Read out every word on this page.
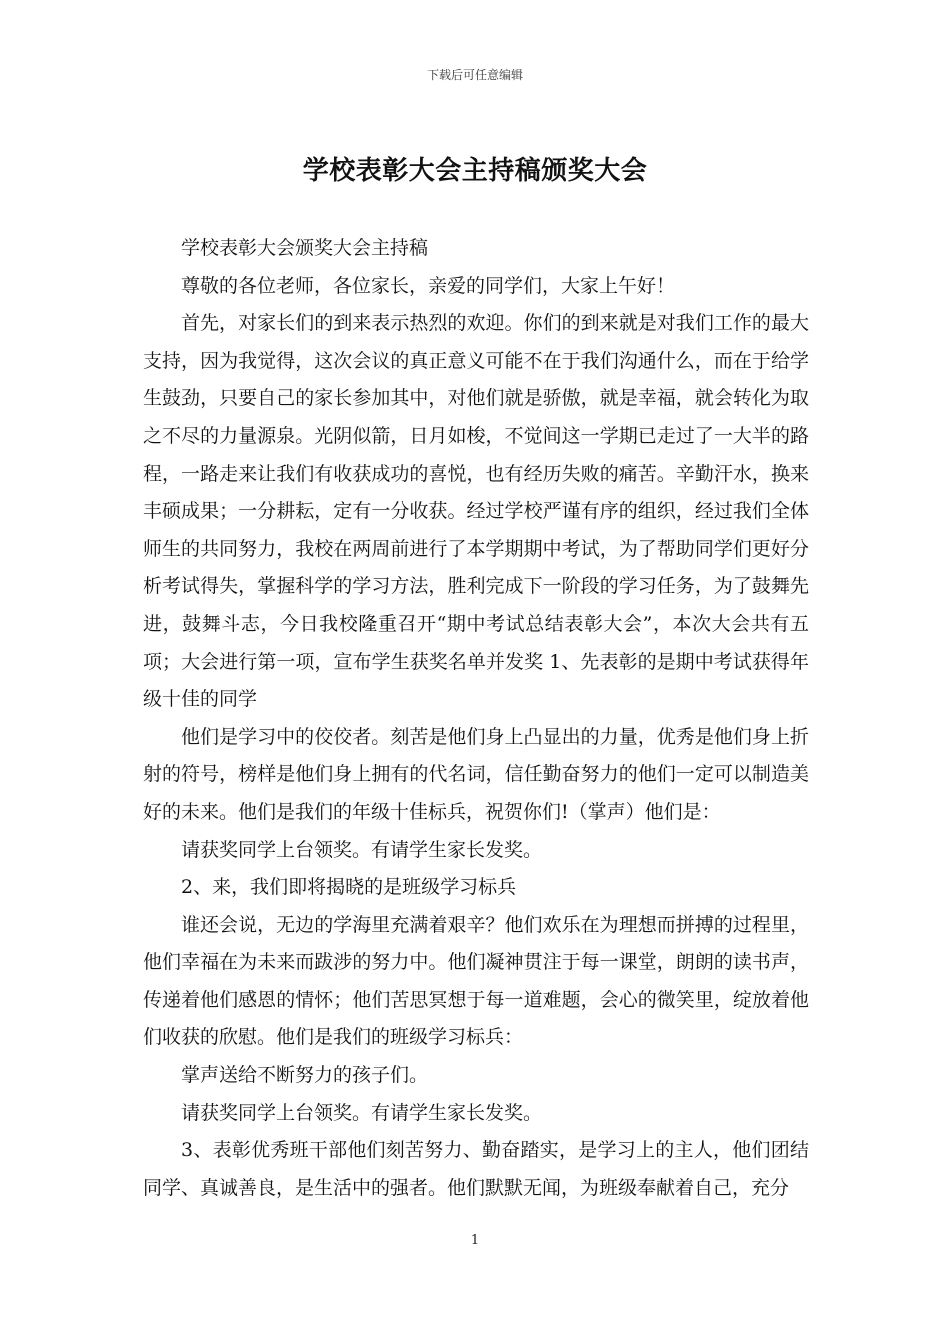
下载后可任意编辑
学校表彰大会主持稿颁奖大会

学校表彰大会颁奖大会主持稿

尊敬的各位老师，各位家长，亲爱的同学们，大家上午好！

首先，对家长们的到来表示热烈的欢迎。你们的到来就是对我们工作的最大支持，因为我觉得，这次会议的真正意义可能不在于我们沟通什么，而在于给学生鼓劲，只要自己的家长参加其中，对他们就是骄傲，就是幸福，就会转化为取之不尽的力量源泉。光阴似箭，日月如梭，不觉间这一学期已走过了一大半的路程，一路走来让我们有收获成功的喜悦，也有经历失败的痛苦。辛勤汗水，换来丰硕成果；一分耕耘，定有一分收获。经过学校严谨有序的组织，经过我们全体师生的共同努力，我校在两周前进行了本学期期中考试，为了帮助同学们更好分析考试得失，掌握科学的学习方法，胜利完成下一阶段的学习任务，为了鼓舞先进，鼓舞斗志，今日我校隆重召开“期中考试总结表彰大会”，本次大会共有五项；大会进行第一项，宣布学生获奖名单并发奖 1、先表彰的是期中考试获得年级十佳的同学

他们是学习中的佼佼者。刻苦是他们身上凸显出的力量，优秀是他们身上折射的符号，榜样是他们身上拥有的代名词，信任勤奋努力的他们一定可以制造美好的未来。他们是我们的年级十佳标兵，祝贺你们!（掌声）他们是：

请获奖同学上台领奖。有请学生家长发奖。

2、来，我们即将揭晓的是班级学习标兵

谁还会说，无边的学海里充满着艰辛？他们欢乐在为理想而拼搏的过程里，他们幸福在为未来而跋涉的努力中。他们凝神贯注于每一课堂，朗朗的读书声，传递着他们感恩的情怀；他们苦思冥想于每一道难题，会心的微笑里，绽放着他们收获的欣慰。他们是我们的班级学习标兵：

掌声送给不断努力的孩子们。

请获奖同学上台领奖。有请学生家长发奖。

3、表彰优秀班干部他们刻苦努力、勤奋踏实，是学习上的主人，他们团结同学、真诚善良，是生活中的强者。他们默默无闻，为班级奉献着自己，充分

1
